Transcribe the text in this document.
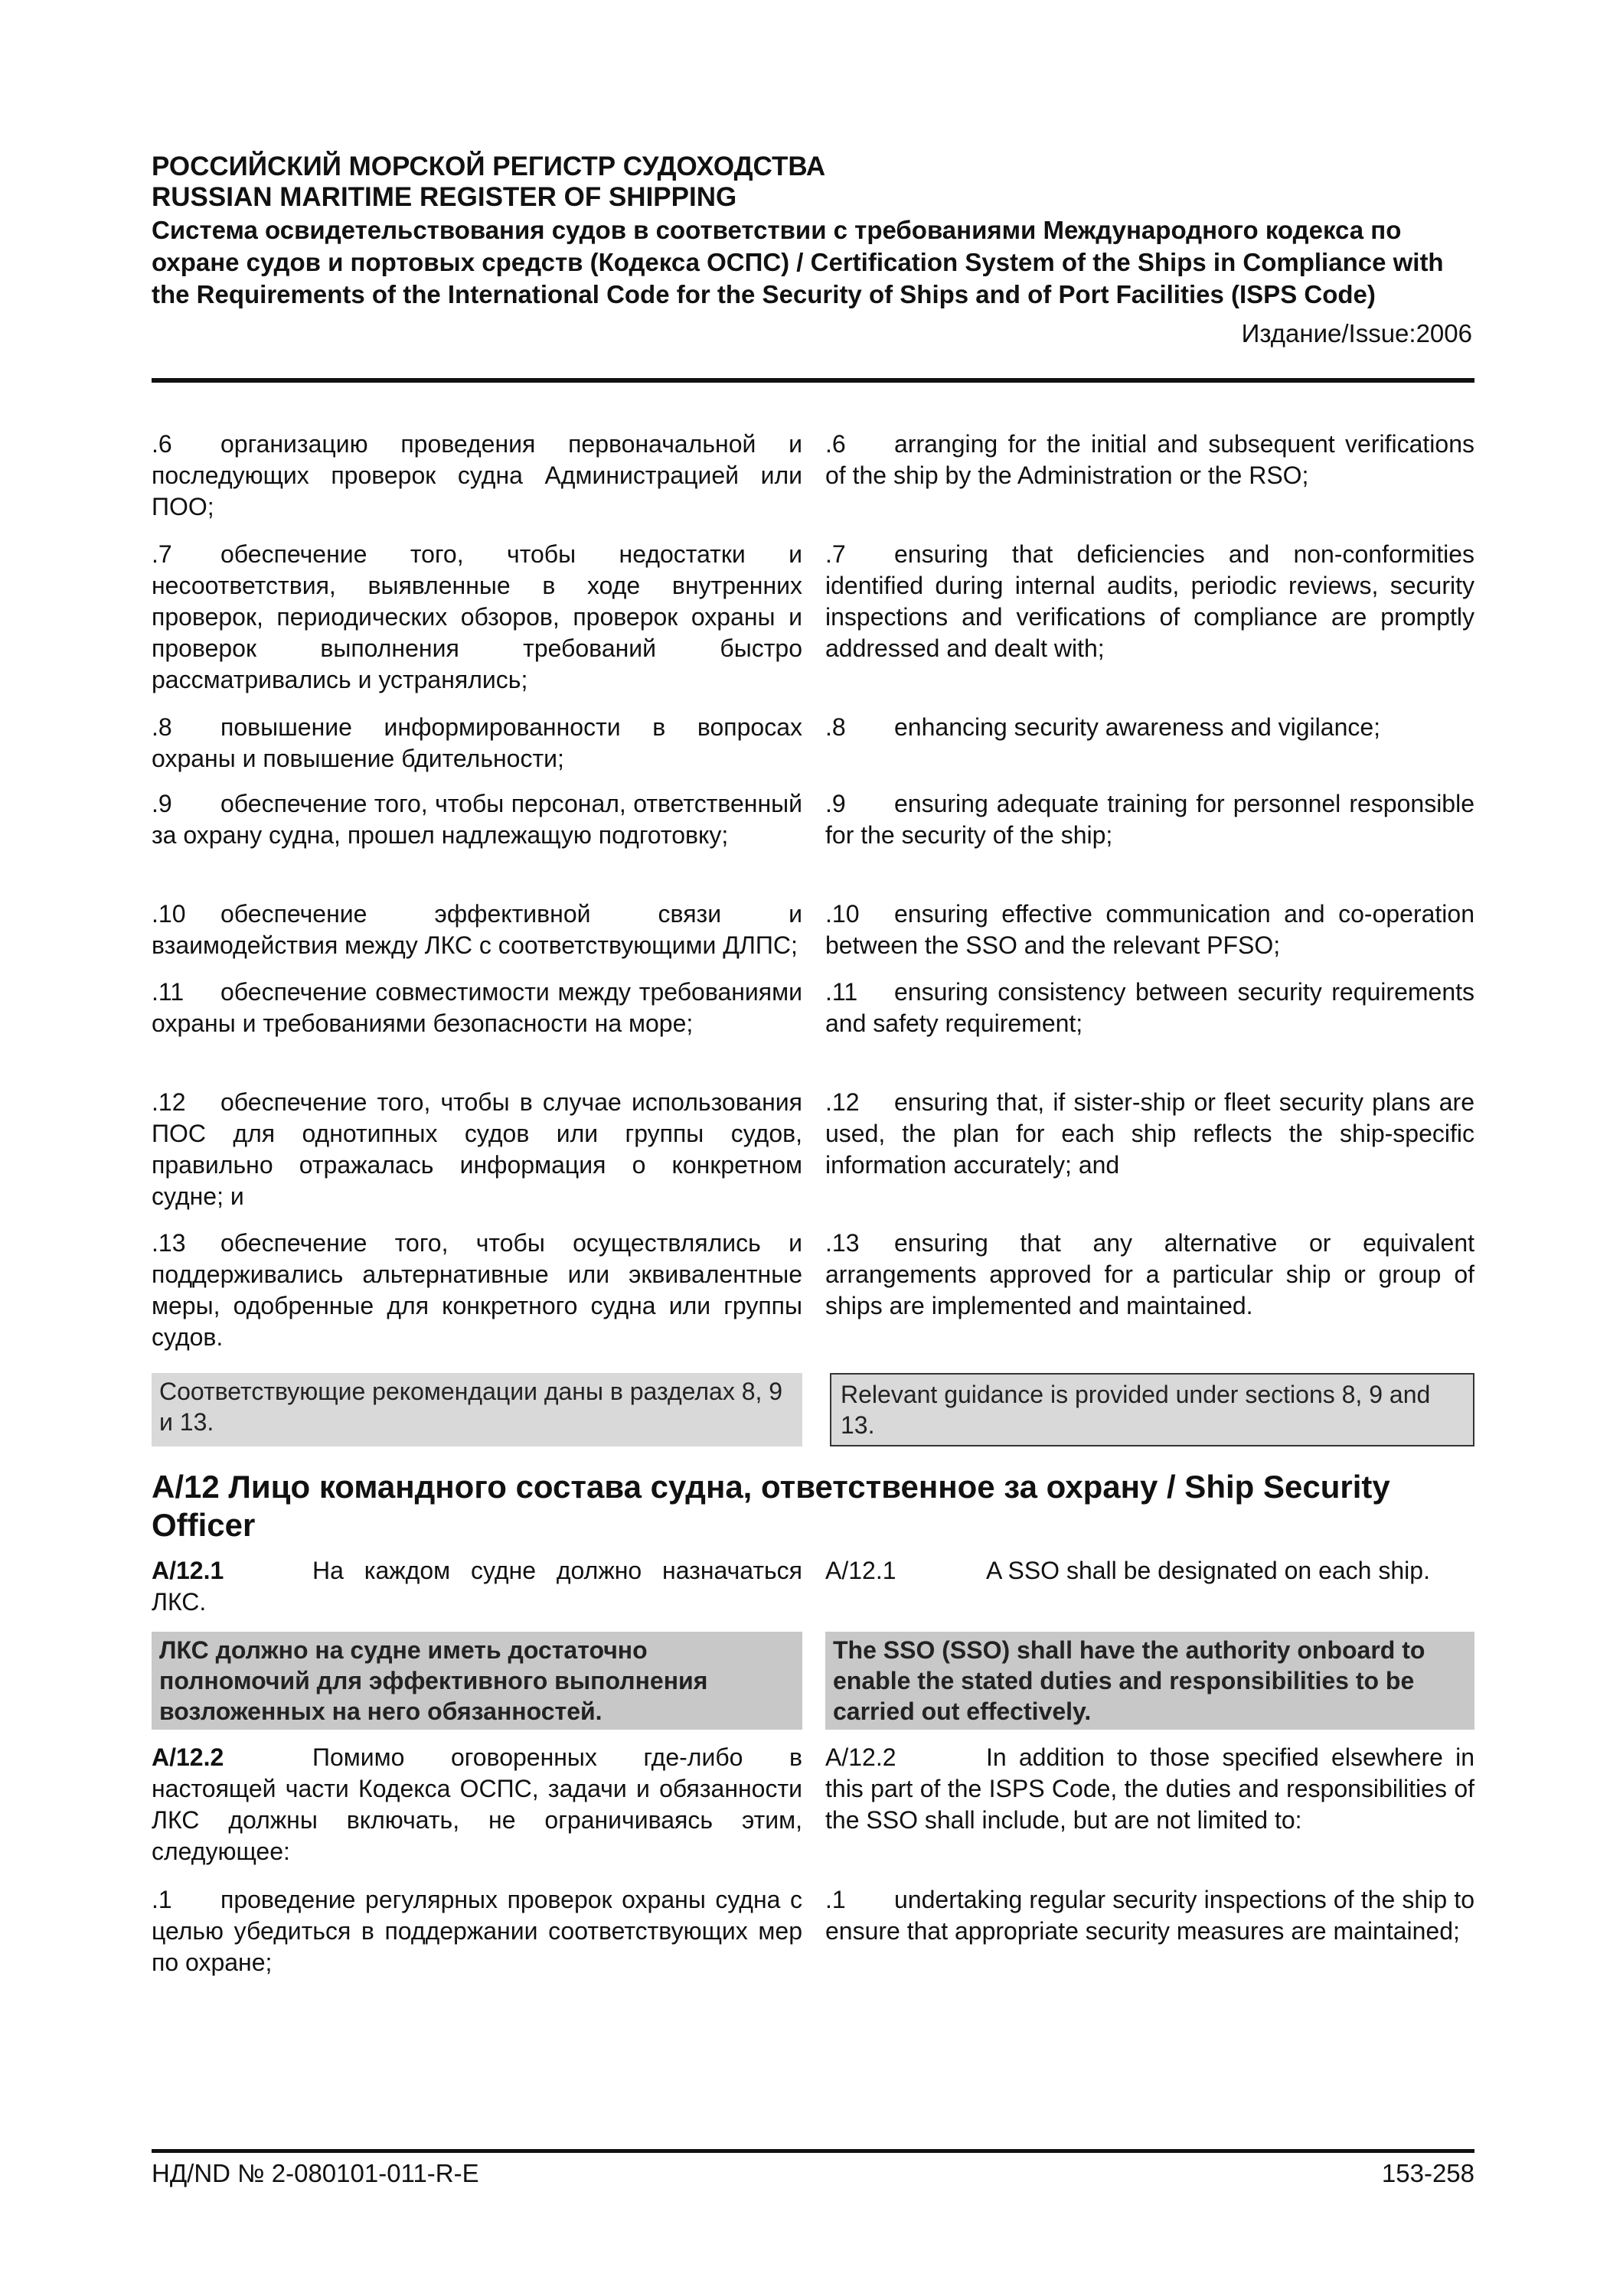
РОССИЙСКИЙ МОРСКОЙ РЕГИСТР СУДОХОДСТВА
RUSSIAN MARITIME REGISTER OF SHIPPING
Система освидетельствования судов в соответствии с требованиями Международного кодекса по охране судов и портовых средств (Кодекса ОСПС) / Certification System of the Ships in Compliance with the Requirements of the International Code for the Security of Ships and of Port Facilities (ISPS Code)
Издание/Issue:2006
.6 организацию проведения первоначальной и последующих проверок судна Администрацией или ПОО;
.6 arranging for the initial and subsequent verifications of the ship by the Administration or the RSO;
.7 обеспечение того, чтобы недостатки и несоответствия, выявленные в ходе внутренних проверок, периодических обзоров, проверок охраны и проверок выполнения требований быстро рассматривались и устранялись;
.7 ensuring that deficiencies and non-conformities identified during internal audits, periodic reviews, security inspections and verifications of compliance are promptly addressed and dealt with;
.8 повышение информированности в вопросах охраны и повышение бдительности;
.8 enhancing security awareness and vigilance;
.9 обеспечение того, чтобы персонал, ответственный за охрану судна, прошел надлежащую подготовку;
.9 ensuring adequate training for personnel responsible for the security of the ship;
.10 обеспечение эффективной связи и взаимодействия между ЛКС с соответствующими ДЛПС;
.10 ensuring effective communication and co-operation between the SSO and the relevant PFSO;
.11 обеспечение совместимости между требованиями охраны и требованиями безопасности на море;
.11 ensuring consistency between security requirements and safety requirement;
.12 обеспечение того, чтобы в случае использования ПОС для однотипных судов или группы судов, правильно отражалась информация о конкретном судне; и
.12 ensuring that, if sister-ship or fleet security plans are used, the plan for each ship reflects the ship-specific information accurately; and
.13 обеспечение того, чтобы осуществлялись и поддерживались альтернативные или эквивалентные меры, одобренные для конкретного судна или группы судов.
.13 ensuring that any alternative or equivalent arrangements approved for a particular ship or group of ships are implemented and maintained.
Соответствующие рекомендации даны в разделах 8, 9 и 13.
Relevant guidance is provided under sections 8, 9 and 13.
А/12 Лицо командного состава судна, ответственное за охрану / Ship Security Officer
А/12.1	На каждом судне должно назначаться ЛКС.
A/12.1	A SSO shall be designated on each ship.
ЛКС должно на судне иметь достаточно полномочий для эффективного выполнения возложенных на него обязанностей.
The SSO (SSO) shall have the authority onboard to enable the stated duties and responsibilities to be carried out effectively.
А/12.2	Помимо оговоренных где-либо в настоящей части Кодекса ОСПС, задачи и обязанности ЛКС должны включать, не ограничиваясь этим, следующее:
A/12.2	In addition to those specified elsewhere in this part of the ISPS Code, the duties and responsibilities of the SSO shall include, but are not limited to:
.1 проведение регулярных проверок охраны судна с целью убедиться в поддержании соответствующих мер по охране;
.1 undertaking regular security inspections of the ship to ensure that appropriate security measures are maintained;
НД/ND № 2-080101-011-R-E	153-258
